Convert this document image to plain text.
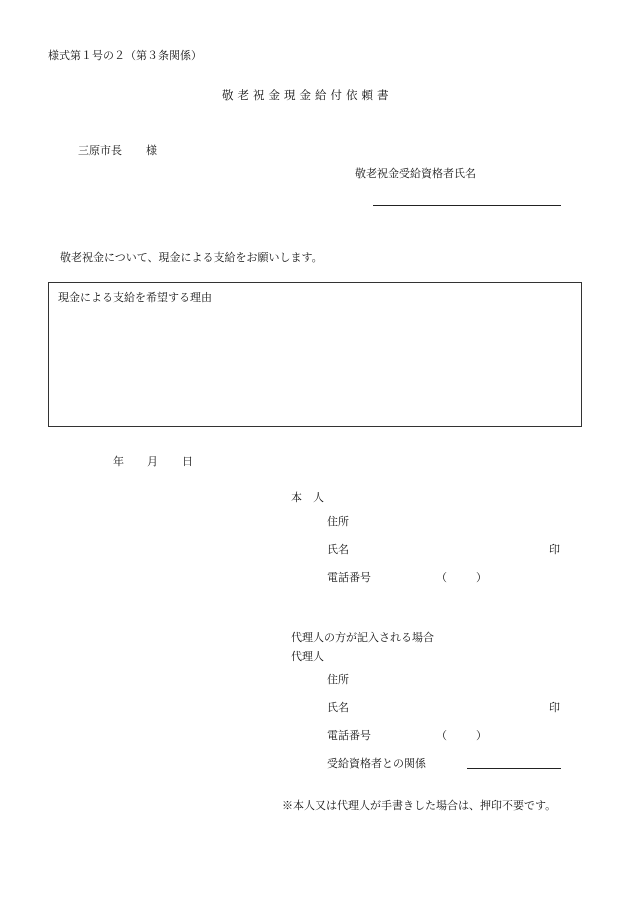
様式第１号の２（第３条関係）
敬老祝金現金給付依頼書
三原市長 様
敬老祝金受給資格者氏名
敬老祝金について、現金による支給をお願いします。
現金による支給を希望する理由
年 月 日
本　人
住所
氏名	印
電話番号	（	）
代理人の方が記入される場合
代理人
住所
氏名	印
電話番号	（	）
受給資格者との関係
※本人又は代理人が手書きした場合は、押印不要です。
